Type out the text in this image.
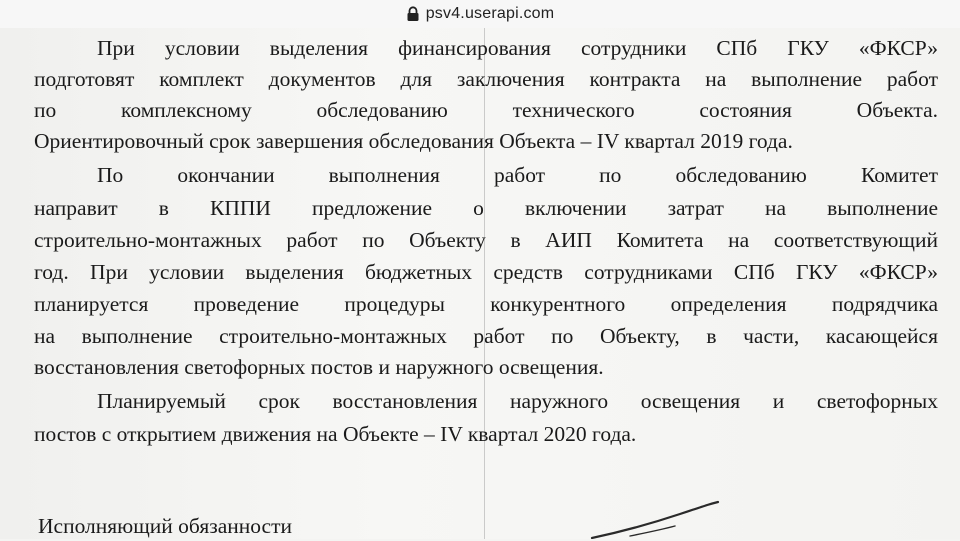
psv4.userapi.com
При условии выделения финансирования сотрудники СПб ГКУ «ФКСР»
подготовят комплект документов для заключения контракта на выполнение работ
по комплексному обследованию технического состояния Объекта.
Ориентировочный срок завершения обследования Объекта – IV квартал 2019 года.
По окончании выполнения работ по обследованию Комитет
направит в КППИ предложение о включении затрат на выполнение
строительно-монтажных работ по Объекту в АИП Комитета на соответствующий
год. При условии выделения бюджетных средств сотрудниками СПб ГКУ «ФКСР»
планируется проведение процедуры конкурентного определения подрядчика
на выполнение строительно-монтажных работ по Объекту, в части, касающейся
восстановления светофорных постов и наружного освещения.
Планируемый срок восстановления наружного освещения и светофорных
постов с открытием движения на Объекте – IV квартал 2020 года.
Исполняющий обязанности
